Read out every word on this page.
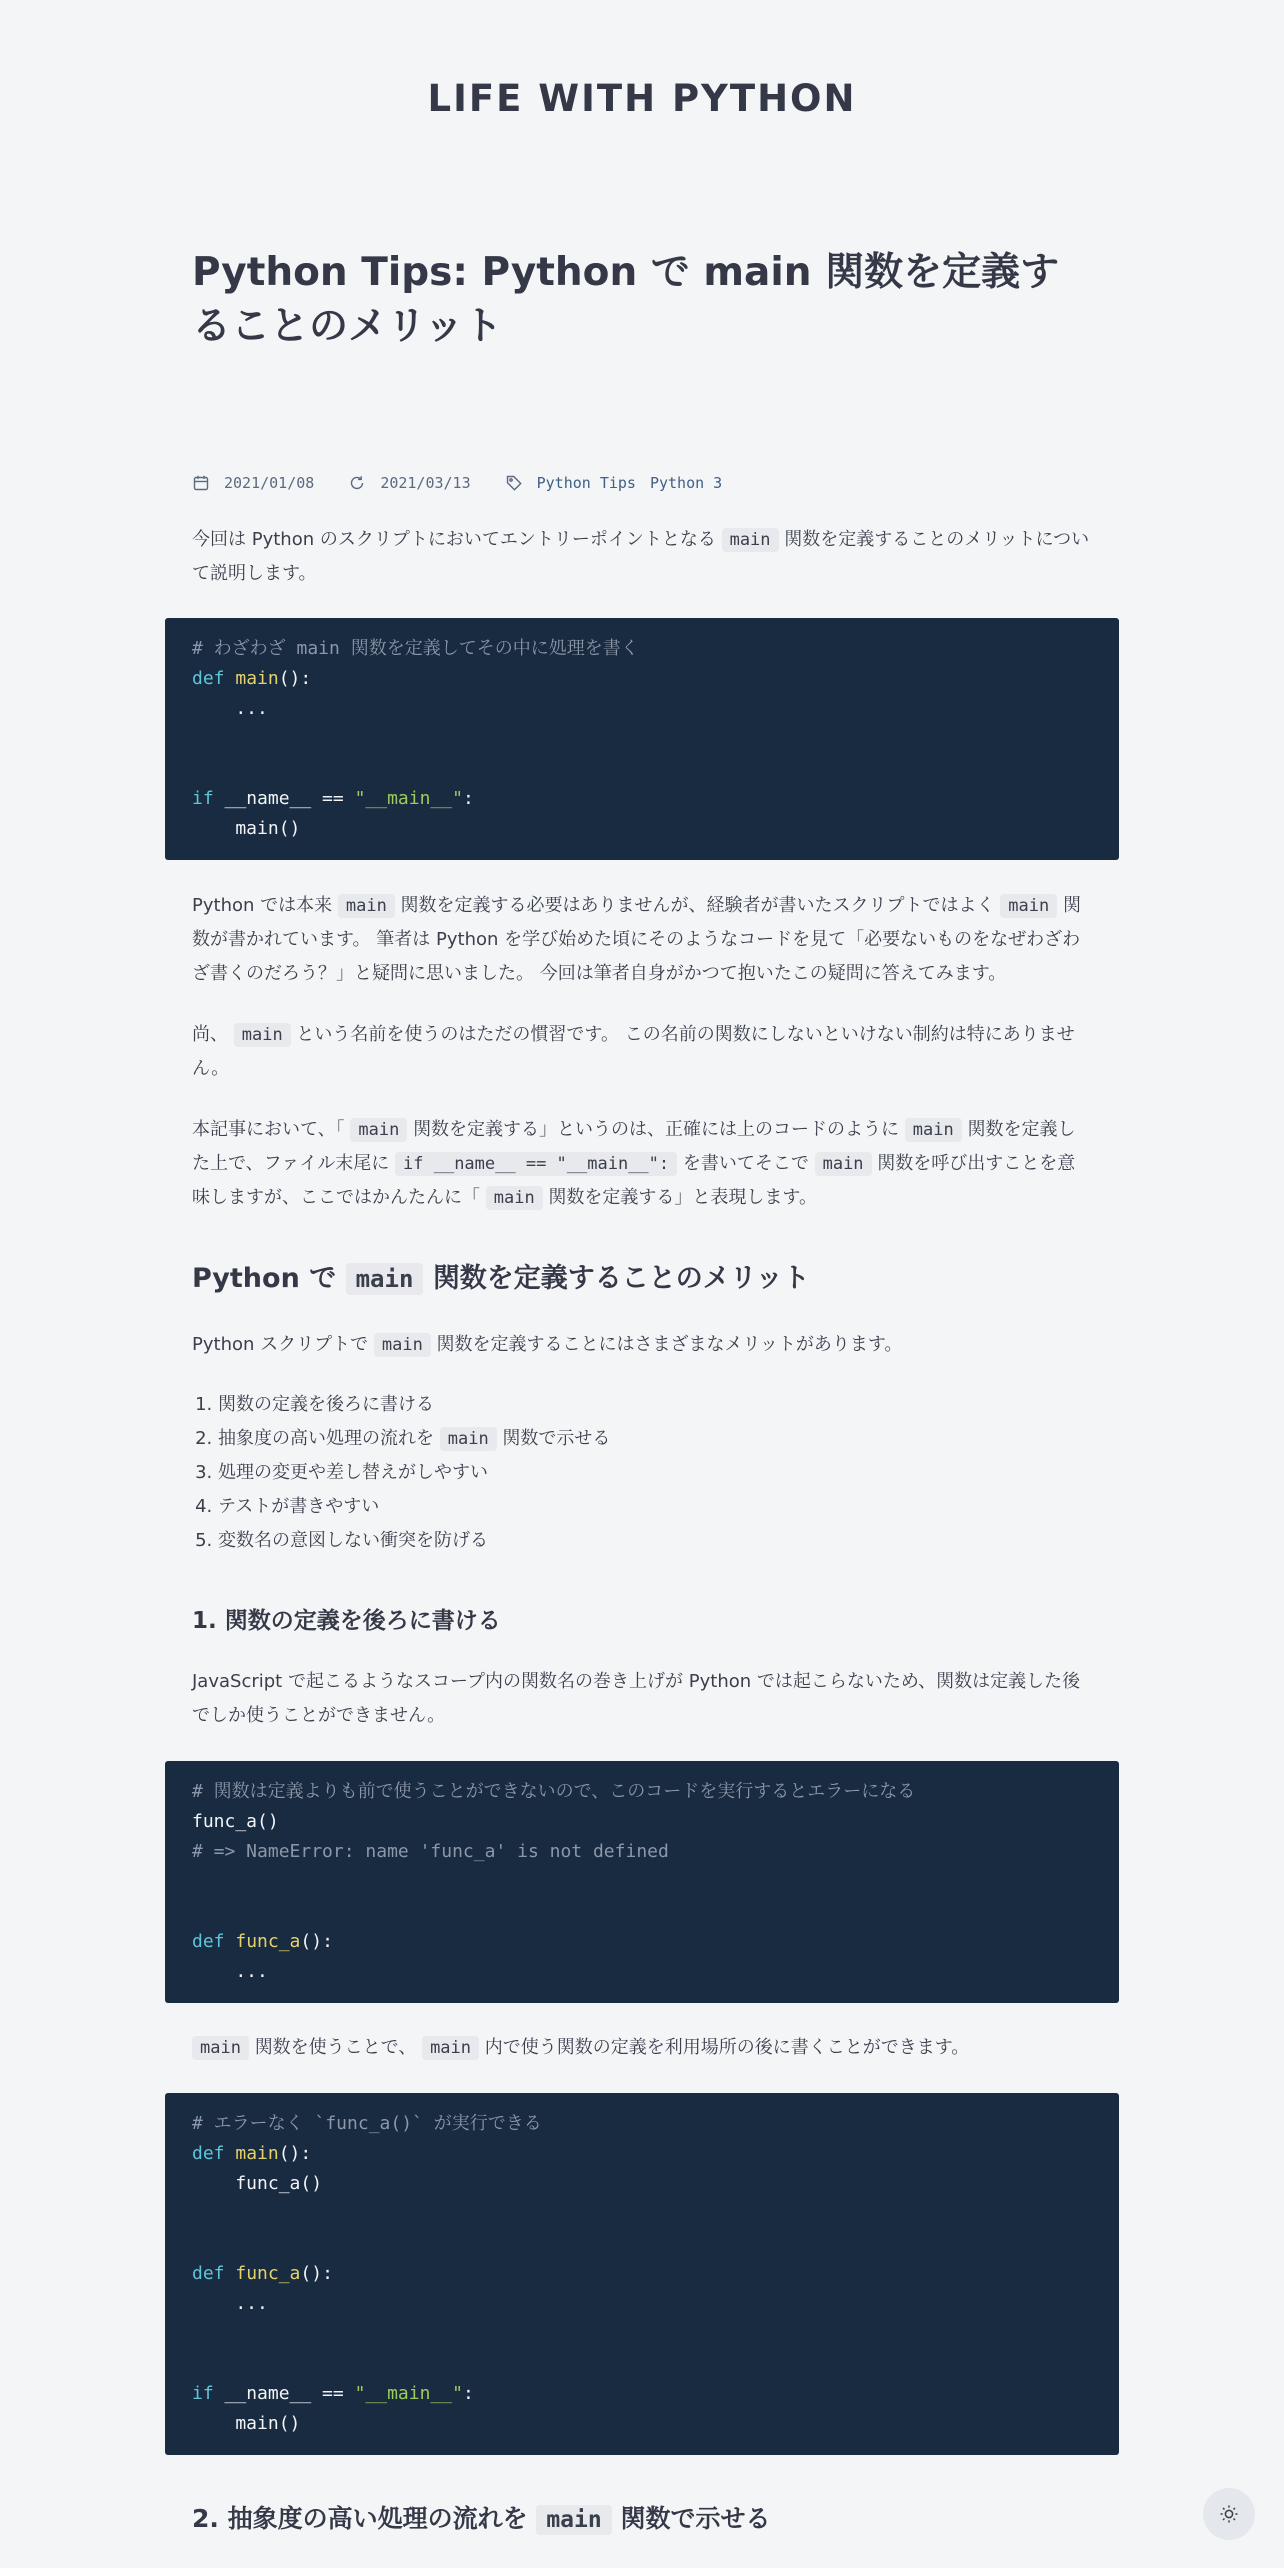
LIFE WITH PYTHON
Python Tips: Python で main 関数を定義することのメリット
2021/01/08	2021/03/13	Python Tips Python 3

今回は Python のスクリプトにおいてエントリーポイントとなる main 関数を定義することのメリットについて説明します。

Python では本来 main 関数を定義する必要はありませんが、経験者が書いたスクリプトではよく main 関数が書かれています。 筆者は Python を学び始めた頃にそのようなコードを見て「必要ないものをなぜわざわざ書くのだろう？」と疑問に思いました。 今回は筆者自身がかつて抱いたこの疑問に答えてみます。

尚、 main という名前を使うのはただの慣習です。 この名前の関数にしないといけない制約は特にありません。

本記事において、「 main 関数を定義する」というのは、正確には上のコードのように main 関数を定義した上で、ファイル末尾に if __name__ == "__main__": を書いてそこで main 関数を呼び出すことを意味しますが、ここではかんたんに「 main 関数を定義する」と表現します。

Python で main 関数を定義することのメリット

Python スクリプトで main 関数を定義することにはさまざまなメリットがあります。

1. 関数の定義を後ろに書ける
2. 抽象度の高い処理の流れを main 関数で示せる
3. 処理の変更や差し替えがしやすい
4. テストが書きやすい
5. 変数名の意図しない衝突を防げる
1. 関数の定義を後ろに書ける

JavaScript で起こるようなスコープ内の関数名の巻き上げが Python では起こらないため、関数は定義した後でしか使うことができません。

main 関数を使うことで、 main 内で使う関数の定義を利用場所の後に書くことができます。

2. 抽象度の高い処理の流れを main 関数で示せる
# わざわざ main 関数を定義してその中に処理を書く
def main():
...

if __name__ == "__main__":
main()
# 関数は定義よりも前で使うことができないので、このコードを実行するとエラーになる
func_a()
# => NameError: name 'func_a' is not defined

def func_a():
...
# エラーなく `func_a()` が実行できる
def main():
func_a()

def func_a():
...

if __name__ == "__main__":
main()
